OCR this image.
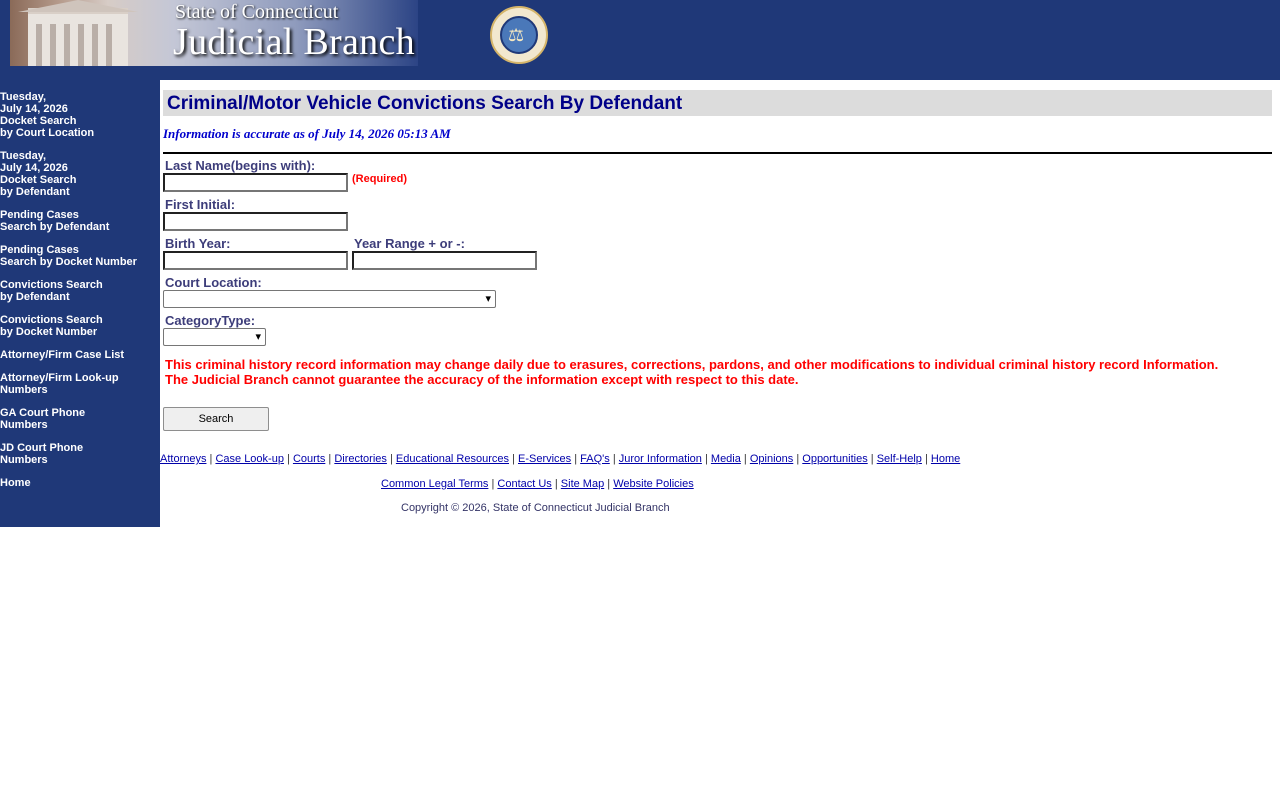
State of Connecticut
Judicial Branch	⚖
Tuesday,
July 14, 2026
Docket Search
by Court Location
Tuesday,
July 14, 2026
Docket Search
by Defendant
Pending Cases
Search by Defendant
Pending Cases
Search by Docket Number
Convictions Search
by Defendant
Convictions Search
by Docket Number
Attorney/Firm Case List
Attorney/Firm Look-up
Numbers
GA Court Phone
Numbers
JD Court Phone
Numbers
Home
Criminal/Motor Vehicle Convictions Search By Defendant
Information is accurate as of July 14, 2026 05:13 AM
Last Name(begins with):
(Required)
First Initial:
Birth Year:	Year Range + or -:
Court Location:
▾
CategoryType:
▾
This criminal history record information may change daily due to erasures, corrections, pardons, and other modifications to individual criminal history record Information.
The Judicial Branch cannot guarantee the accuracy of the information except with respect to this date.
Search
Attorneys | Case Look-up | Courts | Directories | Educational Resources | E-Services | FAQ's | Juror Information | Media | Opinions | Opportunities | Self-Help | Home
Common Legal Terms | Contact Us | Site Map | Website Policies
Copyright © 2026, State of Connecticut Judicial Branch
